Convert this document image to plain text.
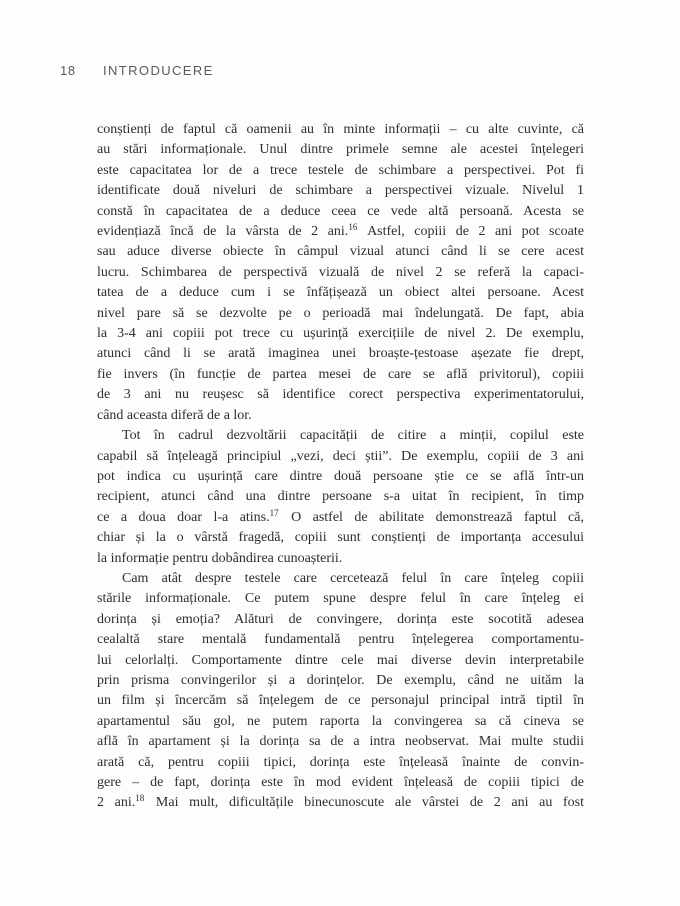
18 INTRODUCERE
conștienți de faptul că oamenii au în minte informații – cu alte cuvinte, că
au stări informaționale. Unul dintre primele semne ale acestei înțelegeri
este capacitatea lor de a trece testele de schimbare a perspectivei. Pot fi
identificate două niveluri de schimbare a perspectivei vizuale. Nivelul 1
constă în capacitatea de a deduce ceea ce vede altă persoană. Acesta se
evidențiază încă de la vârsta de 2 ani.$^{16}$ Astfel, copiii de 2 ani pot scoate
sau aduce diverse obiecte în câmpul vizual atunci când li se cere acest
lucru. Schimbarea de perspectivă vizuală de nivel 2 se referă la capaci-
tatea de a deduce cum i se înfățișează un obiect altei persoane. Acest
nivel pare să se dezvolte pe o perioadă mai îndelungată. De fapt, abia
la 3-4 ani copiii pot trece cu ușurință exercițiile de nivel 2. De exemplu,
atunci când li se arată imaginea unei broaște-țestoase așezate fie drept,
fie invers (în funcție de partea mesei de care se află privitorul), copiii
de 3 ani nu reușesc să identifice corect perspectiva experimentatorului,
când aceasta diferă de a lor.
Tot în cadrul dezvoltării capacității de citire a minții, copilul este
capabil să înțeleagă principiul „vezi, deci știi”. De exemplu, copiii de 3 ani
pot indica cu ușurință care dintre două persoane știe ce se află într-un
recipient, atunci când una dintre persoane s-a uitat în recipient, în timp
ce a doua doar l-a atins.$^{17}$ O astfel de abilitate demonstrează faptul că,
chiar și la o vârstă fragedă, copiii sunt conștienți de importanța accesului
la informație pentru dobândirea cunoașterii.
Cam atât despre testele care cercetează felul în care înțeleg copiii
stările informaționale. Ce putem spune despre felul în care înțeleg ei
dorința și emoția? Alături de convingere, dorința este socotită adesea
cealaltă stare mentală fundamentală pentru înțelegerea comportamentu-
lui celorlalți. Comportamente dintre cele mai diverse devin interpretabile
prin prisma convingerilor și a dorințelor. De exemplu, când ne uităm la
un film și încercăm să înțelegem de ce personajul principal intră tiptil în
apartamentul său gol, ne putem raporta la convingerea sa că cineva se
află în apartament și la dorința sa de a intra neobservat. Mai multe studii
arată că, pentru copiii tipici, dorința este înțeleasă înainte de convin-
gere – de fapt, dorința este în mod evident înțeleasă de copiii tipici de
2 ani.$^{18}$ Mai mult, dificultățile binecunoscute ale vârstei de 2 ani au fost
